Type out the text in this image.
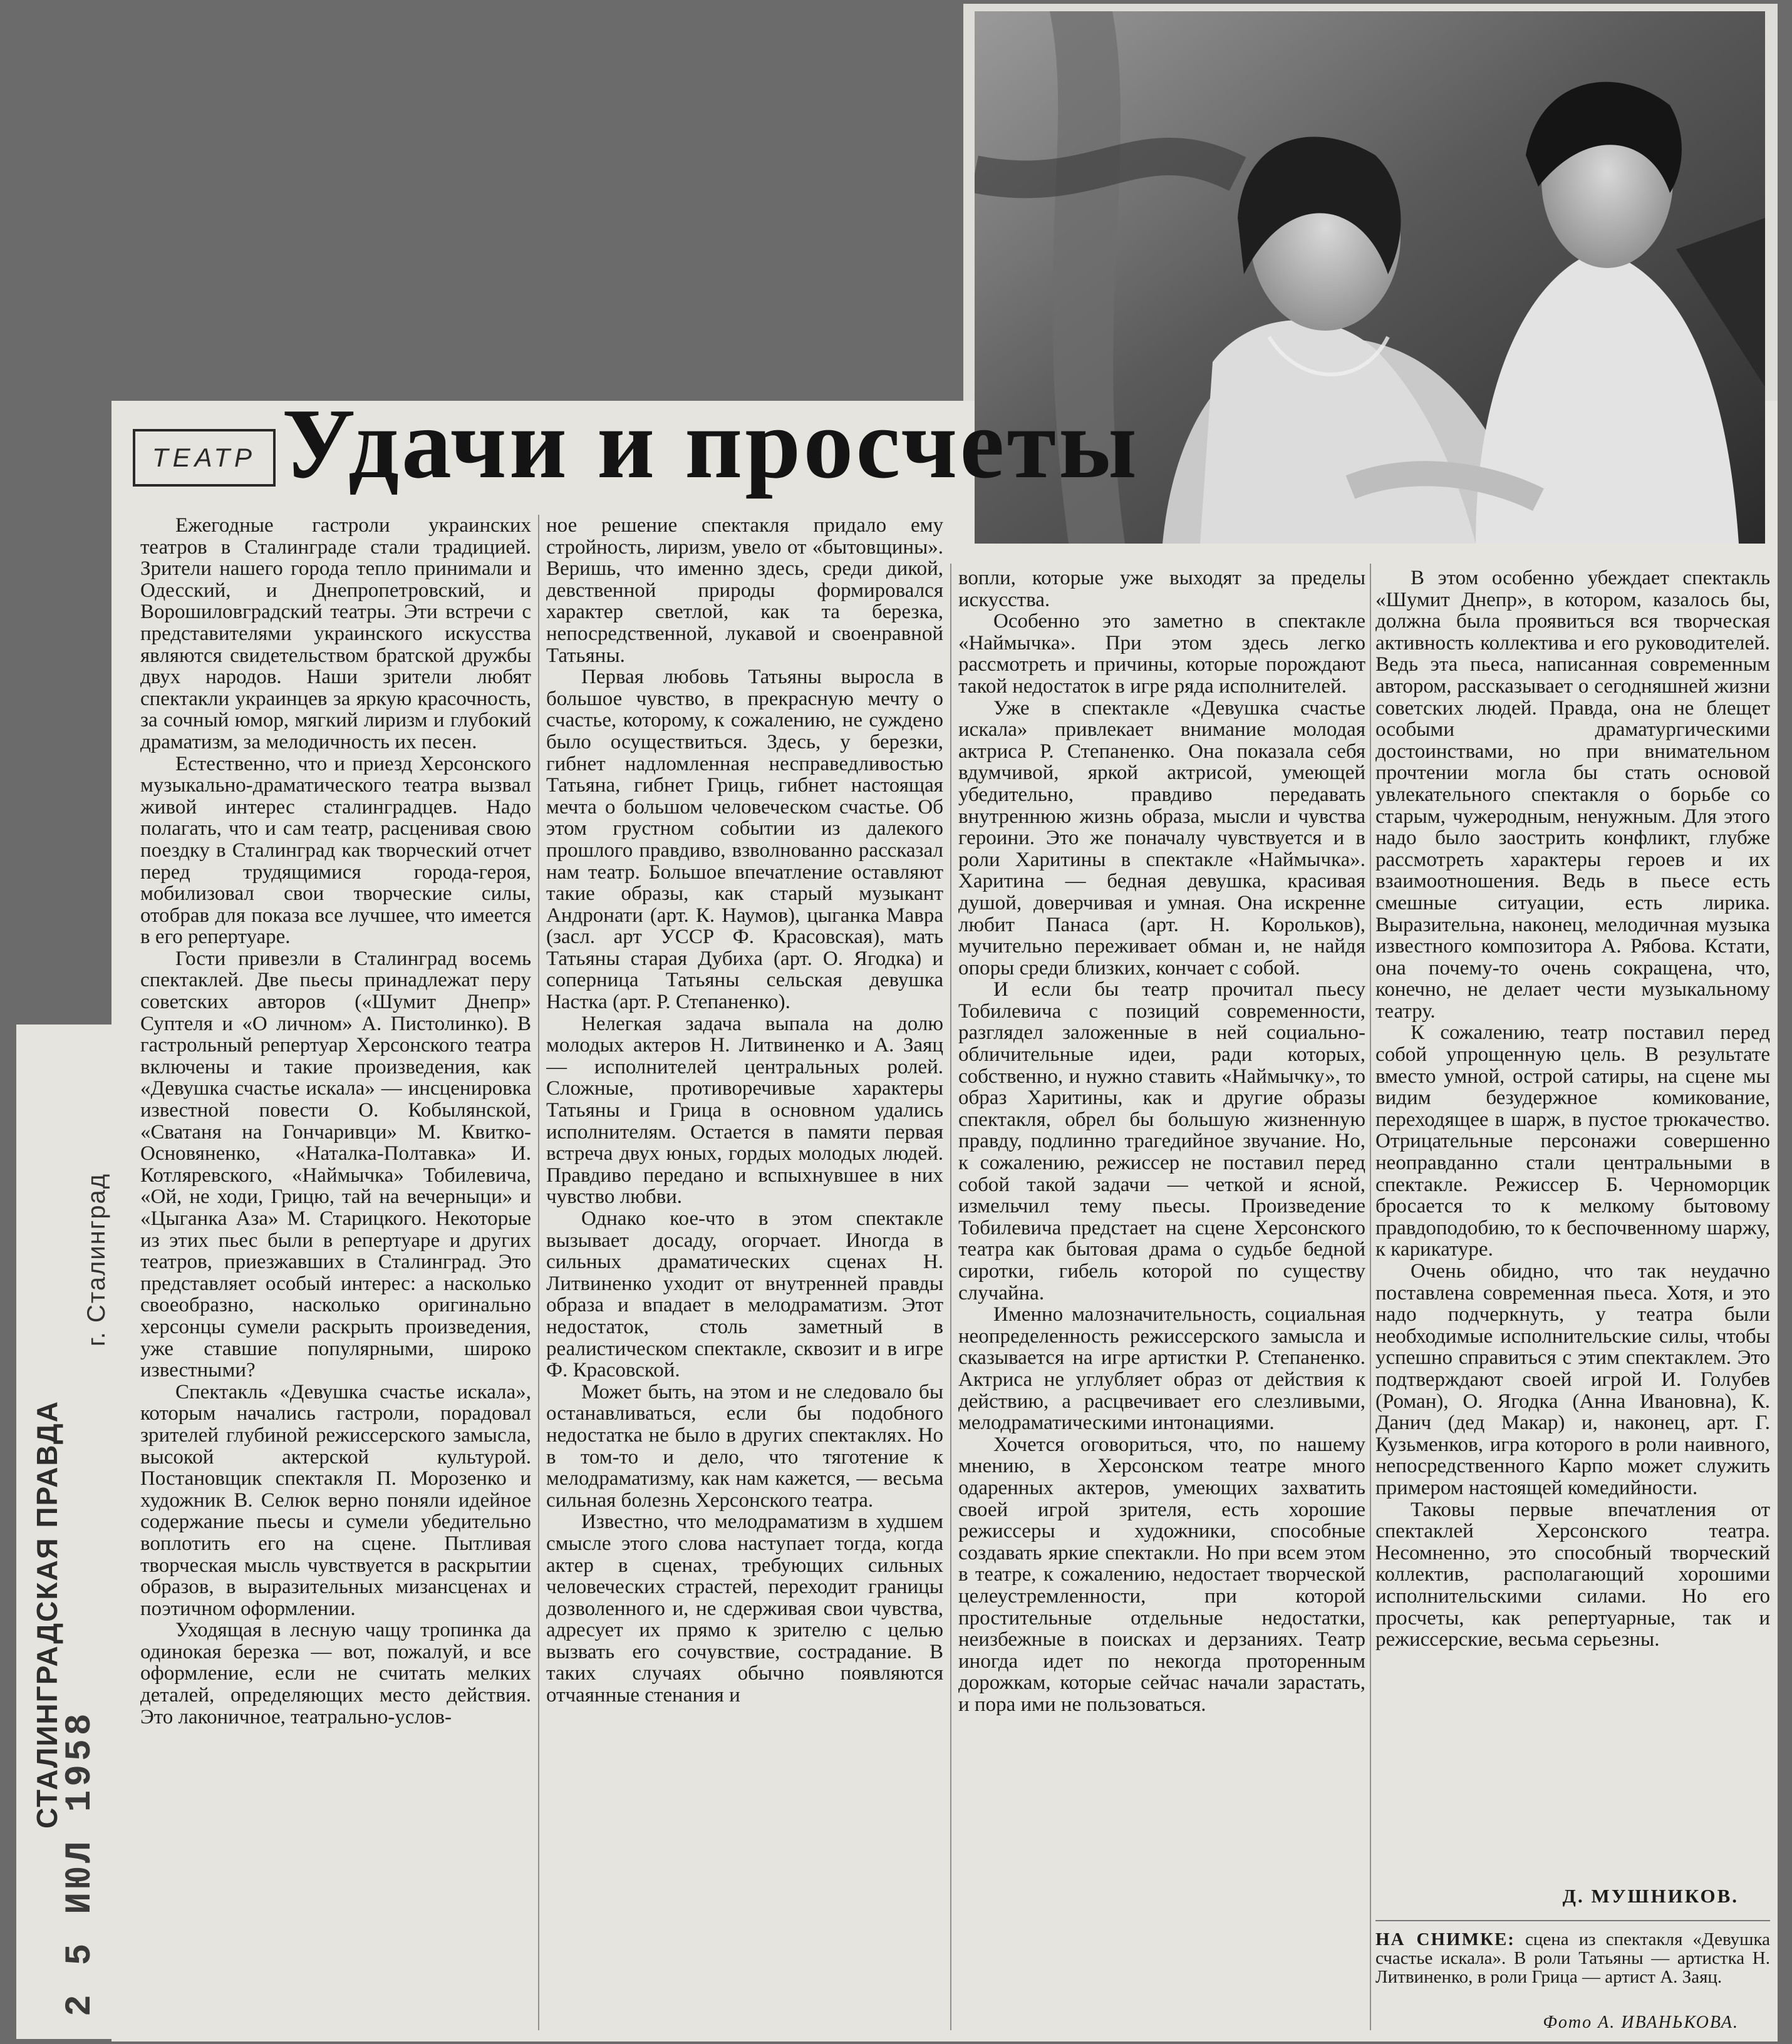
ТЕАТР Удачи и просчеты

Ежегодные гастроли украинских театров в Сталинграде стали традицией. Зрители нашего города тепло принимали и Одесский, и Днепропетровский, и Ворошиловградский театры. Эти встречи с представителями украинского искусства являются свидетельством братской дружбы двух народов. Наши зрители любят спектакли украинцев за яркую красочность, за сочный юмор, мягкий лиризм и глубокий драматизм, за мелодичность их песен.

Естественно, что и приезд Херсонского музыкально-драматического театра вызвал живой интерес сталинградцев. Надо полагать, что и сам театр, расценивая свою поездку в Сталинград как творческий отчет перед трудящимися города-героя, мобилизовал свои творческие силы, отобрав для показа все лучшее, что имеется в его репертуаре.

Гости привезли в Сталинград восемь спектаклей. Две пьесы принадлежат перу советских авторов («Шумит Днепр» Суптеля и «О личном» А. Пистолинко). В гастрольный репертуар Херсонского театра включены и такие произведения, как «Девушка счастье искала» — инсценировка известной повести О. Кобылянской, «Сватаня на Гончаривци» М. Квитко-Основяненко, «Наталка-Полтавка» И. Котляревского, «Наймычка» Тобилевича, «Ой, не ходи, Грицю, тай на вечерныци» и «Цыганка Аза» М. Старицкого. Некоторые из этих пьес были в репертуаре и других театров, приезжавших в Сталинград. Это представляет особый интерес: а насколько своеобразно, насколько оригинально херсонцы сумели раскрыть произведения, уже ставшие популярными, широко известными?

Спектакль «Девушка счастье искала», которым начались гастроли, порадовал зрителей глубиной режиссерского замысла, высокой актерской культурой. Постановщик спектакля П. Морозенко и художник В. Селюк верно поняли идейное содержание пьесы и сумели убедительно воплотить его на сцене. Пытливая творческая мысль чувствуется в раскрытии образов, в выразительных мизансценах и поэтичном оформлении.

Уходящая в лесную чащу тропинка да одинокая березка — вот, пожалуй, и все оформление, если не считать мелких деталей, определяющих место действия. Это лаконичное, театрально-услов-

ное решение спектакля придало ему стройность, лиризм, увело от «бытовщины». Веришь, что именно здесь, среди дикой, девственной природы формировался характер светлой, как та березка, непосредственной, лукавой и своенравной Татьяны.

Первая любовь Татьяны выросла в большое чувство, в прекрасную мечту о счастье, которому, к сожалению, не суждено было осуществиться. Здесь, у березки, гибнет надломленная несправедливостью Татьяна, гибнет Гриць, гибнет настоящая мечта о большом человеческом счастье. Об этом грустном событии из далекого прошлого правдиво, взволнованно рассказал нам театр. Большое впечатление оставляют такие образы, как старый музыкант Андронати (арт. К. Наумов), цыганка Мавра (засл. арт УССР Ф. Красовская), мать Татьяны старая Дубиха (арт. О. Ягодка) и соперница Татьяны сельская девушка Настка (арт. Р. Степаненко).

Нелегкая задача выпала на долю молодых актеров Н. Литвиненко и А. Заяц — исполнителей центральных ролей. Сложные, противоречивые характеры Татьяны и Грица в основном удались исполнителям. Остается в памяти первая встреча двух юных, гордых молодых людей. Правдиво передано и вспыхнувшее в них чувство любви.

Однако кое-что в этом спектакле вызывает досаду, огорчает. Иногда в сильных драматических сценах Н. Литвиненко уходит от внутренней правды образа и впадает в мелодраматизм. Этот недостаток, столь заметный в реалистическом спектакле, сквозит и в игре Ф. Красовской.

Может быть, на этом и не следовало бы останавливаться, если бы подобного недостатка не было в других спектаклях. Но в том-то и дело, что тяготение к мелодраматизму, как нам кажется, — весьма сильная болезнь Херсонского театра.

Известно, что мелодраматизм в худшем смысле этого слова наступает тогда, когда актер в сценах, требующих сильных человеческих страстей, переходит границы дозволенного и, не сдерживая свои чувства, адресует их прямо к зрителю с целью вызвать его сочувствие, сострадание. В таких случаях обычно появляются отчаянные стенания и

вопли, которые уже выходят за пределы искусства.

Особенно это заметно в спектакле «Наймычка». При этом здесь легко рассмотреть и причины, которые порождают такой недостаток в игре ряда исполнителей.

Уже в спектакле «Девушка счастье искала» привлекает внимание молодая актриса Р. Степаненко. Она показала себя вдумчивой, яркой актрисой, умеющей убедительно, правдиво передавать внутреннюю жизнь образа, мысли и чувства героини. Это же поначалу чувствуется и в роли Харитины в спектакле «Наймычка». Харитина — бедная девушка, красивая душой, доверчивая и умная. Она искренне любит Панаса (арт. Н. Корольков), мучительно переживает обман и, не найдя опоры среди близких, кончает с собой.

И если бы театр прочитал пьесу Тобилевича с позиций современности, разглядел заложенные в ней социально-обличительные идеи, ради которых, собственно, и нужно ставить «Наймычку», то образ Харитины, как и другие образы спектакля, обрел бы большую жизненную правду, подлинно трагедийное звучание. Но, к сожалению, режиссер не поставил перед собой такой задачи — четкой и ясной, измельчил тему пьесы. Произведение Тобилевича предстает на сцене Херсонского театра как бытовая драма о судьбе бедной сиротки, гибель которой по существу случайна.

Именно малозначительность, социальная неопределенность режиссерского замысла и сказывается на игре артистки Р. Степаненко. Актриса не углубляет образ от действия к действию, а расцвечивает его слезливыми, мелодраматическими интонациями.

Хочется оговориться, что, по нашему мнению, в Херсонском театре много одаренных актеров, умеющих захватить своей игрой зрителя, есть хорошие режиссеры и художники, способные создавать яркие спектакли. Но при всем этом в театре, к сожалению, недостает творческой целеустремленности, при которой простительные отдельные недостатки, неизбежные в поисках и дерзаниях. Театр иногда идет по некогда проторенным дорожкам, которые сейчас начали зарастать, и пора ими не пользоваться.

В этом особенно убеждает спектакль «Шумит Днепр», в котором, казалось бы, должна была проявиться вся творческая активность коллектива и его руководителей. Ведь эта пьеса, написанная современным автором, рассказывает о сегодняшней жизни советских людей. Правда, она не блещет особыми драматургическими достоинствами, но при внимательном прочтении могла бы стать основой увлекательного спектакля о борьбе со старым, чужеродным, ненужным. Для этого надо было заострить конфликт, глубже рассмотреть характеры героев и их взаимоотношения. Ведь в пьесе есть смешные ситуации, есть лирика. Выразительна, наконец, мелодичная музыка известного композитора А. Рябова. Кстати, она почему-то очень сокращена, что, конечно, не делает чести музыкальному театру.

К сожалению, театр поставил перед собой упрощенную цель. В результате вместо умной, острой сатиры, на сцене мы видим безудержное комикование, переходящее в шарж, в пустое трюкачество. Отрицательные персонажи совершенно неоправданно стали центральными в спектакле. Режиссер Б. Черноморцик бросается то к мелкому бытовому правдоподобию, то к беспочвенному шаржу, к карикатуре.

Очень обидно, что так неудачно поставлена современная пьеса. Хотя, и это надо подчеркнуть, у театра были необходимые исполнительские силы, чтобы успешно справиться с этим спектаклем. Это подтверждают своей игрой И. Голубев (Роман), О. Ягодка (Анна Ивановна), К. Данич (дед Макар) и, наконец, арт. Г. Кузьменков, игра которого в роли наивного, непосредственного Карпо может служить примером настоящей комедийности.

Таковы первые впечатления от спектаклей Херсонского театра. Несомненно, это способный творческий коллектив, располагающий хорошими исполнительскими силами. Но его просчеты, как репертуарные, так и режиссерские, весьма серьезны.

Д. МУШНИКОВ.
НА СНИМКЕ: сцена из спектакля «Девушка счастье искала». В роли Татьяны — артистка Н. Литвиненко, в роли Грица — артист А. Заяц.
Фото А. ИВАНЬКОВА.
СТАЛИНГРАДСКАЯ ПРАВДА
г. Сталинград
2 5 ИЮЛ 1958
